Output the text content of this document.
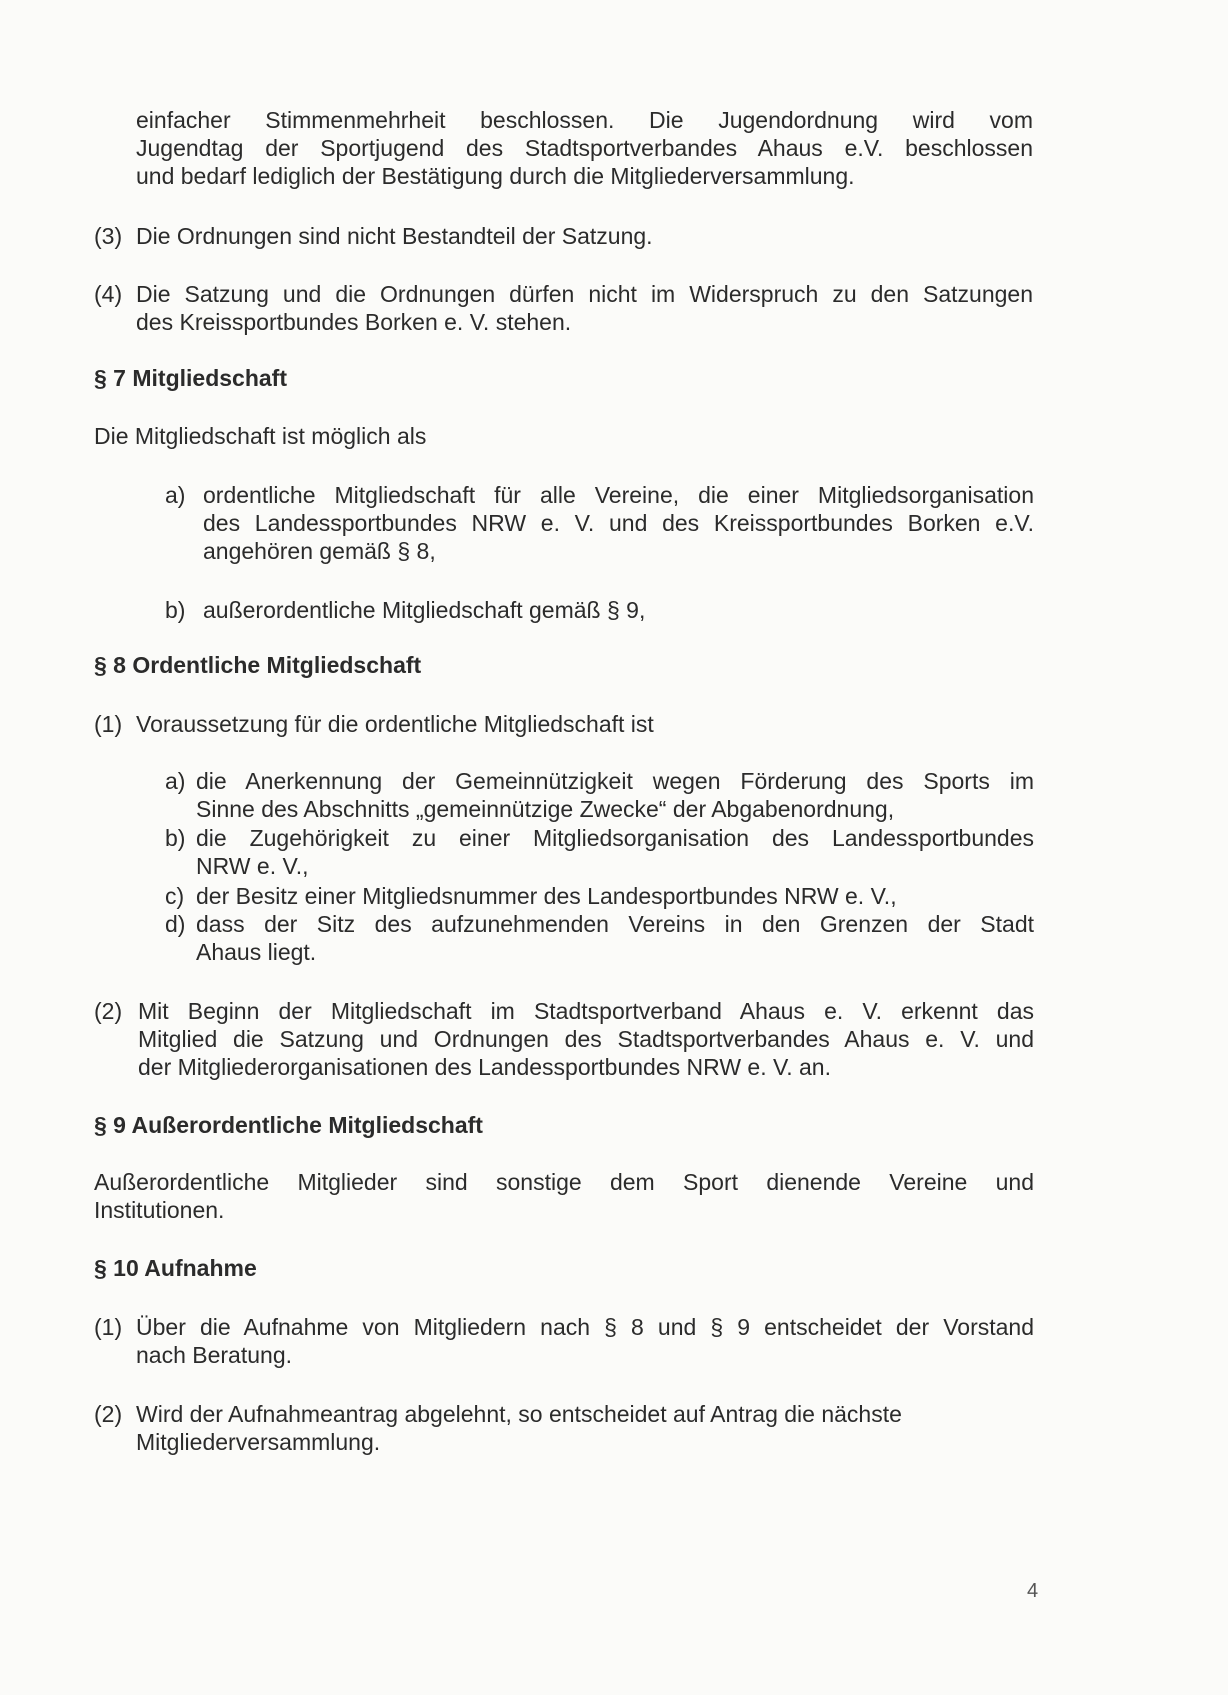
einfacher Stimmenmehrheit beschlossen. Die Jugendordnung wird vom
Jugendtag der Sportjugend des Stadtsportverbandes Ahaus e.V. beschlossen
und bedarf lediglich der Bestätigung durch die Mitgliederversammlung.
(3) Die Ordnungen sind nicht Bestandteil der Satzung.
(4) Die Satzung und die Ordnungen dürfen nicht im Widerspruch zu den Satzungen
des Kreissportbundes Borken e. V. stehen.
§ 7 Mitgliedschaft
Die Mitgliedschaft ist möglich als
a) ordentliche Mitgliedschaft für alle Vereine, die einer Mitgliedsorganisation
des Landessportbundes NRW e. V. und des Kreissportbundes Borken e.V.
angehören gemäß § 8,
b) außerordentliche Mitgliedschaft gemäß § 9,
§ 8 Ordentliche Mitgliedschaft
(1) Voraussetzung für die ordentliche Mitgliedschaft ist
a) die Anerkennung der Gemeinnützigkeit wegen Förderung des Sports im
Sinne des Abschnitts „gemeinnützige Zwecke“ der Abgabenordnung,
b) die Zugehörigkeit zu einer Mitgliedsorganisation des Landessportbundes
NRW e. V.,
c) der Besitz einer Mitgliedsnummer des Landesportbundes NRW e. V.,
d) dass der Sitz des aufzunehmenden Vereins in den Grenzen der Stadt
Ahaus liegt.
(2) Mit Beginn der Mitgliedschaft im Stadtsportverband Ahaus e. V. erkennt das
Mitglied die Satzung und Ordnungen des Stadtsportverbandes Ahaus e. V. und
der Mitgliederorganisationen des Landessportbundes NRW e. V. an.
§ 9 Außerordentliche Mitgliedschaft
Außerordentliche Mitglieder sind sonstige dem Sport dienende Vereine und
Institutionen.
§ 10 Aufnahme
(1) Über die Aufnahme von Mitgliedern nach § 8 und § 9 entscheidet der Vorstand
nach Beratung.
(2) Wird der Aufnahmeantrag abgelehnt, so entscheidet auf Antrag die nächste
Mitgliederversammlung.
4
